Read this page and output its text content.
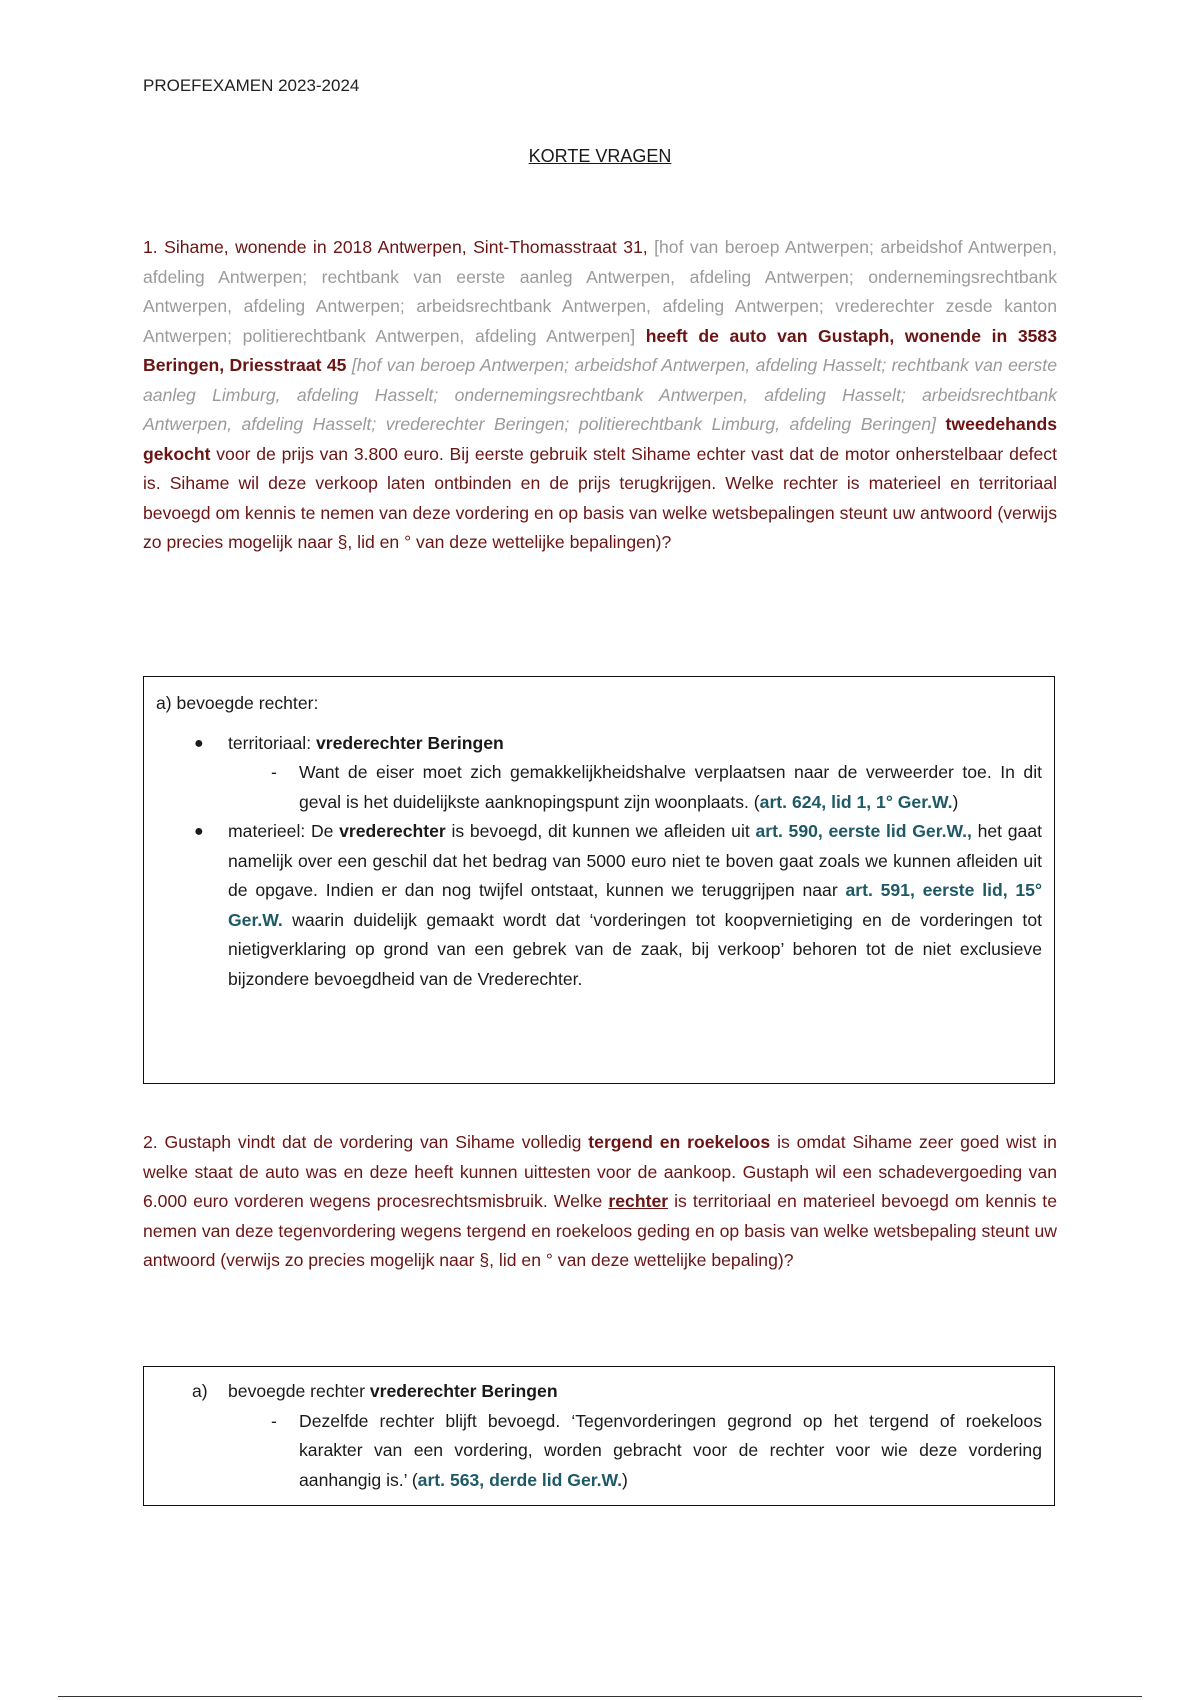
PROEFEXAMEN 2023-2024
KORTE VRAGEN
1. Sihame, wonende in 2018 Antwerpen, Sint-Thomasstraat 31, [hof van beroep Antwerpen; arbeidshof Antwerpen, afdeling Antwerpen; rechtbank van eerste aanleg Antwerpen, afdeling Antwerpen; ondernemingsrechtbank Antwerpen, afdeling Antwerpen; arbeidsrechtbank Antwerpen, afdeling Antwerpen; vrederechter zesde kanton Antwerpen; politierechtbank Antwerpen, afdeling Antwerpen] heeft de auto van Gustaph, wonende in 3583 Beringen, Driesstraat 45 [hof van beroep Antwerpen; arbeidshof Antwerpen, afdeling Hasselt; rechtbank van eerste aanleg Limburg, afdeling Hasselt; ondernemingsrechtbank Antwerpen, afdeling Hasselt; arbeidsrechtbank Antwerpen, afdeling Hasselt; vrederechter Beringen; politierechtbank Limburg, afdeling Beringen] tweedehands gekocht voor de prijs van 3.800 euro. Bij eerste gebruik stelt Sihame echter vast dat de motor onherstelbaar defect is. Sihame wil deze verkoop laten ontbinden en de prijs terugkrijgen. Welke rechter is materieel en territoriaal bevoegd om kennis te nemen van deze vordering en op basis van welke wetsbepalingen steunt uw antwoord (verwijs zo precies mogelijk naar §, lid en ° van deze wettelijke bepalingen)?
a) bevoegde rechter:
● territoriaal: vrederechter Beringen
- Want de eiser moet zich gemakkelijkheidshalve verplaatsen naar de verweerder toe. In dit geval is het duidelijkste aanknopingspunt zijn woonplaats. (art. 624, lid 1, 1° Ger.W.)
● materieel: De vrederechter is bevoegd, dit kunnen we afleiden uit art. 590, eerste lid Ger.W., het gaat namelijk over een geschil dat het bedrag van 5000 euro niet te boven gaat zoals we kunnen afleiden uit de opgave. Indien er dan nog twijfel ontstaat, kunnen we teruggrijpen naar art. 591, eerste lid, 15° Ger.W. waarin duidelijk gemaakt wordt dat ‘vorderingen tot koopvernietiging en de vorderingen tot nietigverklaring op grond van een gebrek van de zaak, bij verkoop’ behoren tot de niet exclusieve bijzondere bevoegdheid van de Vrederechter.
2. Gustaph vindt dat de vordering van Sihame volledig tergend en roekeloos is omdat Sihame zeer goed wist in welke staat de auto was en deze heeft kunnen uittesten voor de aankoop. Gustaph wil een schadevergoeding van 6.000 euro vorderen wegens procesrechtsmisbruik. Welke rechter is territoriaal en materieel bevoegd om kennis te nemen van deze tegenvordering wegens tergend en roekeloos geding en op basis van welke wetsbepaling steunt uw antwoord (verwijs zo precies mogelijk naar §, lid en ° van deze wettelijke bepaling)?
a) bevoegde rechter vrederechter Beringen
- Dezelfde rechter blijft bevoegd. ‘Tegenvorderingen gegrond op het tergend of roekeloos karakter van een vordering, worden gebracht voor de rechter voor wie deze vordering aanhangig is.’ (art. 563, derde lid Ger.W.)
